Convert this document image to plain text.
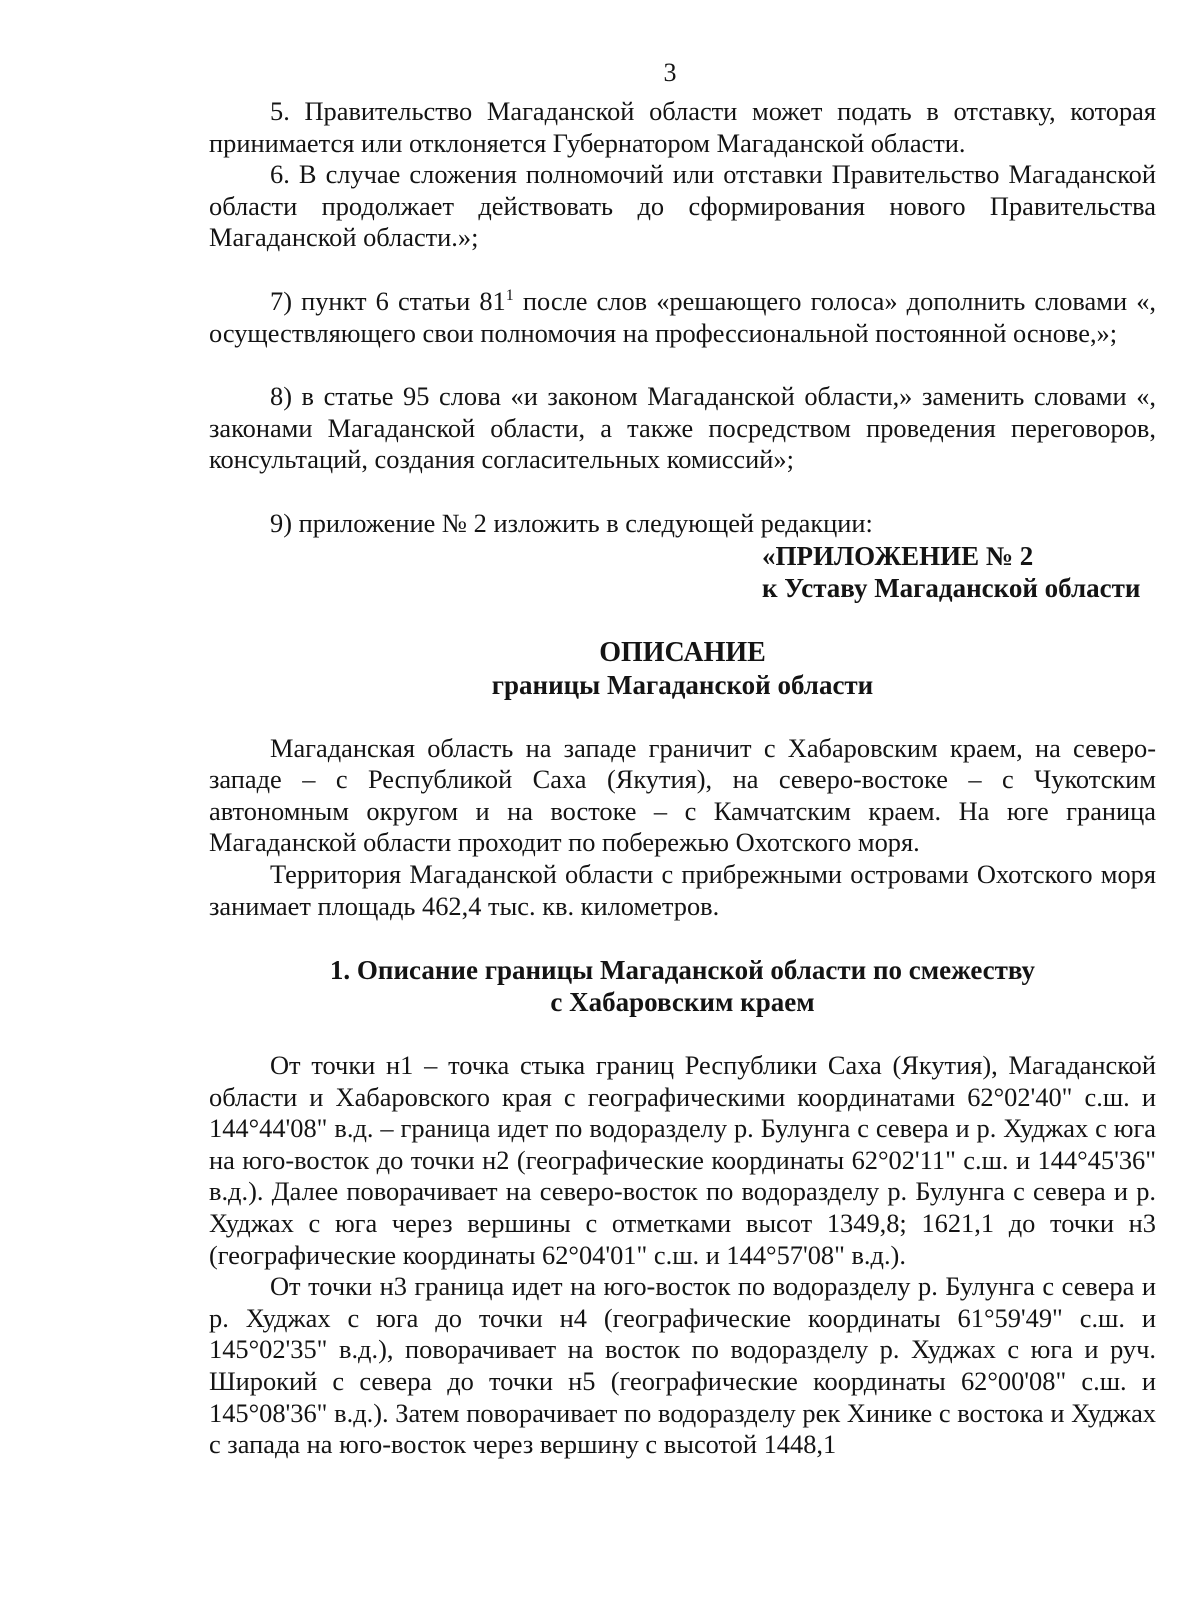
3

5. Правительство Магаданской области может подать в отставку, которая принимается или отклоняется Губернатором Магаданской области.

6. В случае сложения полномочий или отставки Правительство Магаданской области продолжает действовать до сформирования нового Правительства Магаданской области.»;

7) пункт 6 статьи $81^1$ после слов «решающего голоса» дополнить словами «, осуществляющего свои полномочия на профессиональной постоянной основе,»;

8) в статье 95 слова «и законом Магаданской области,» заменить словами «, законами Магаданской области, а также посредством проведения переговоров, консультаций, создания согласительных комиссий»;

9) приложение № 2 изложить в следующей редакции:

«ПРИЛОЖЕНИЕ № 2
к Уставу Магаданской области

ОПИСАНИЕ

границы Магаданской области

Магаданская область на западе граничит с Хабаровским краем, на северо-западе – с Республикой Саха (Якутия), на северо-востоке – с Чукотским автономным округом и на востоке – с Камчатским краем. На юге граница Магаданской области проходит по побережью Охотского моря.

Территория Магаданской области с прибрежными островами Охотского моря занимает площадь 462,4 тыс. кв. километров.

1. Описание границы Магаданской области по смежеству

с Хабаровским краем

От точки н1 – точка стыка границ Республики Саха (Якутия), Магаданской области и Хабаровского края с географическими координатами 62°02'40" с.ш. и 144°44'08" в.д. – граница идет по водоразделу р. Булунга с севера и р. Худжах с юга на юго-восток до точки н2 (географические координаты 62°02'11" с.ш. и 144°45'36" в.д.). Далее поворачивает на северо-восток по водоразделу р. Булунга с севера и р. Худжах с юга через вершины с отметками высот 1349,8; 1621,1 до точки н3 (географические координаты 62°04'01" с.ш. и 144°57'08" в.д.).

От точки н3 граница идет на юго-восток по водоразделу р. Булунга с севера и р. Худжах с юга до точки н4 (географические координаты 61°59'49" с.ш. и 145°02'35" в.д.), поворачивает на восток по водоразделу р. Худжах с юга и руч. Широкий с севера до точки н5 (географические координаты 62°00'08" с.ш. и 145°08'36" в.д.). Затем поворачивает по водоразделу рек Хинике с востока и Худжах с запада на юго-восток через вершину с высотой 1448,1
